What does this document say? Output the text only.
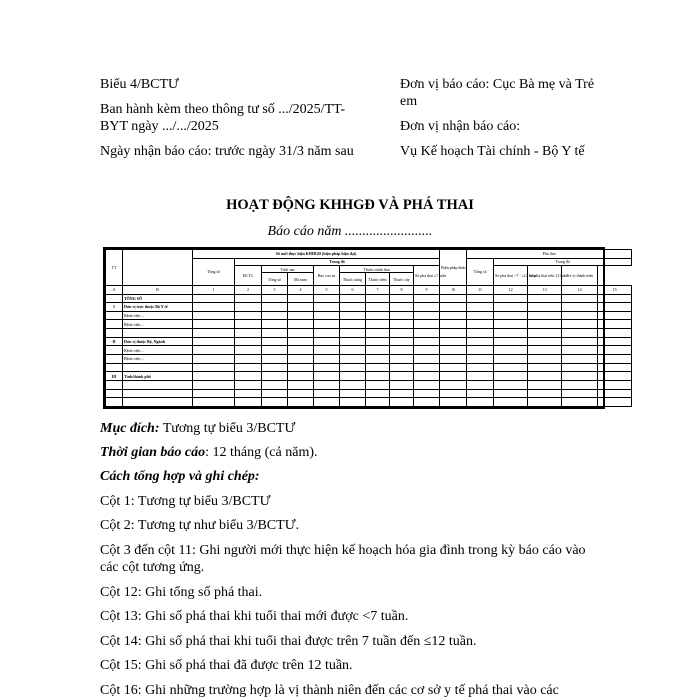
Biểu 4/BCTƯ
Ban hành kèm theo thông tư số .../2025/TT-
BYT ngày .../.../2025
Ngày nhận báo cáo: trước ngày 31/3 năm sau
Đơn vị báo cáo: Cục Bà mẹ và Trẻ
em
Đơn vị nhận báo cáo:
Vụ Kế hoạch Tài chính - Bộ Y tế
HOẠT ĐỘNG KHHGĐ VÀ PHÁ THAI
Báo cáo năm .........................
TT		Số mới thực hiện KHHGĐ (biện pháp hiện đại)									Biện pháp khác	Phá thai				
		Tổng số	Trong đó									Tổng số	Trong đó			
			DCTC	Triệt sản		Bao cao su	Thuốc tránh thai			Số phá thai ≤7 tuần			Số phá thai >7 - ≤12 tuần	Số phá thai trên 12 tuần	Trẻ vị thành niên	
				Tổng số	Đã nam		Thuốc uống	Thuốc tiêm	Thuốc cấy							
A	B	1	2	3	4	5	6	7	8	9	10	11	12	13	14	15
	TỔNG SỐ															
I	Đơn vị trực thuộc Bộ Y tế															
	Bệnh viện ...															
	Bệnh viện ...															

II	Đơn vị thuộc Bộ, Ngành															
	Bệnh viện ...															
	Bệnh viện ...															

III	Tỉnh/thành phố															

Mục đích: Tương tự biểu 3/BCTƯ
Thời gian báo cáo: 12 tháng (cả năm).
Cách tổng hợp và ghi chép:
Cột 1: Tương tự biểu 3/BCTƯ
Cột 2: Tương tự như biểu 3/BCTƯ.
Cột 3 đến cột 11: Ghi người mới thực hiện kế hoạch hóa gia đình trong kỳ báo cáo vào
các cột tương ứng.
Cột 12: Ghi tổng số phá thai.
Cột 13: Ghi số phá thai khi tuổi thai mới được <7 tuần.
Cột 14: Ghi số phá thai khi tuổi thai được trên 7 tuần đến ≤12 tuần.
Cột 15: Ghi số phá thai đã được trên 12 tuần.
Cột 16: Ghi những trường hợp là vị thành niên đến các cơ sở y tế phá thai vào các
